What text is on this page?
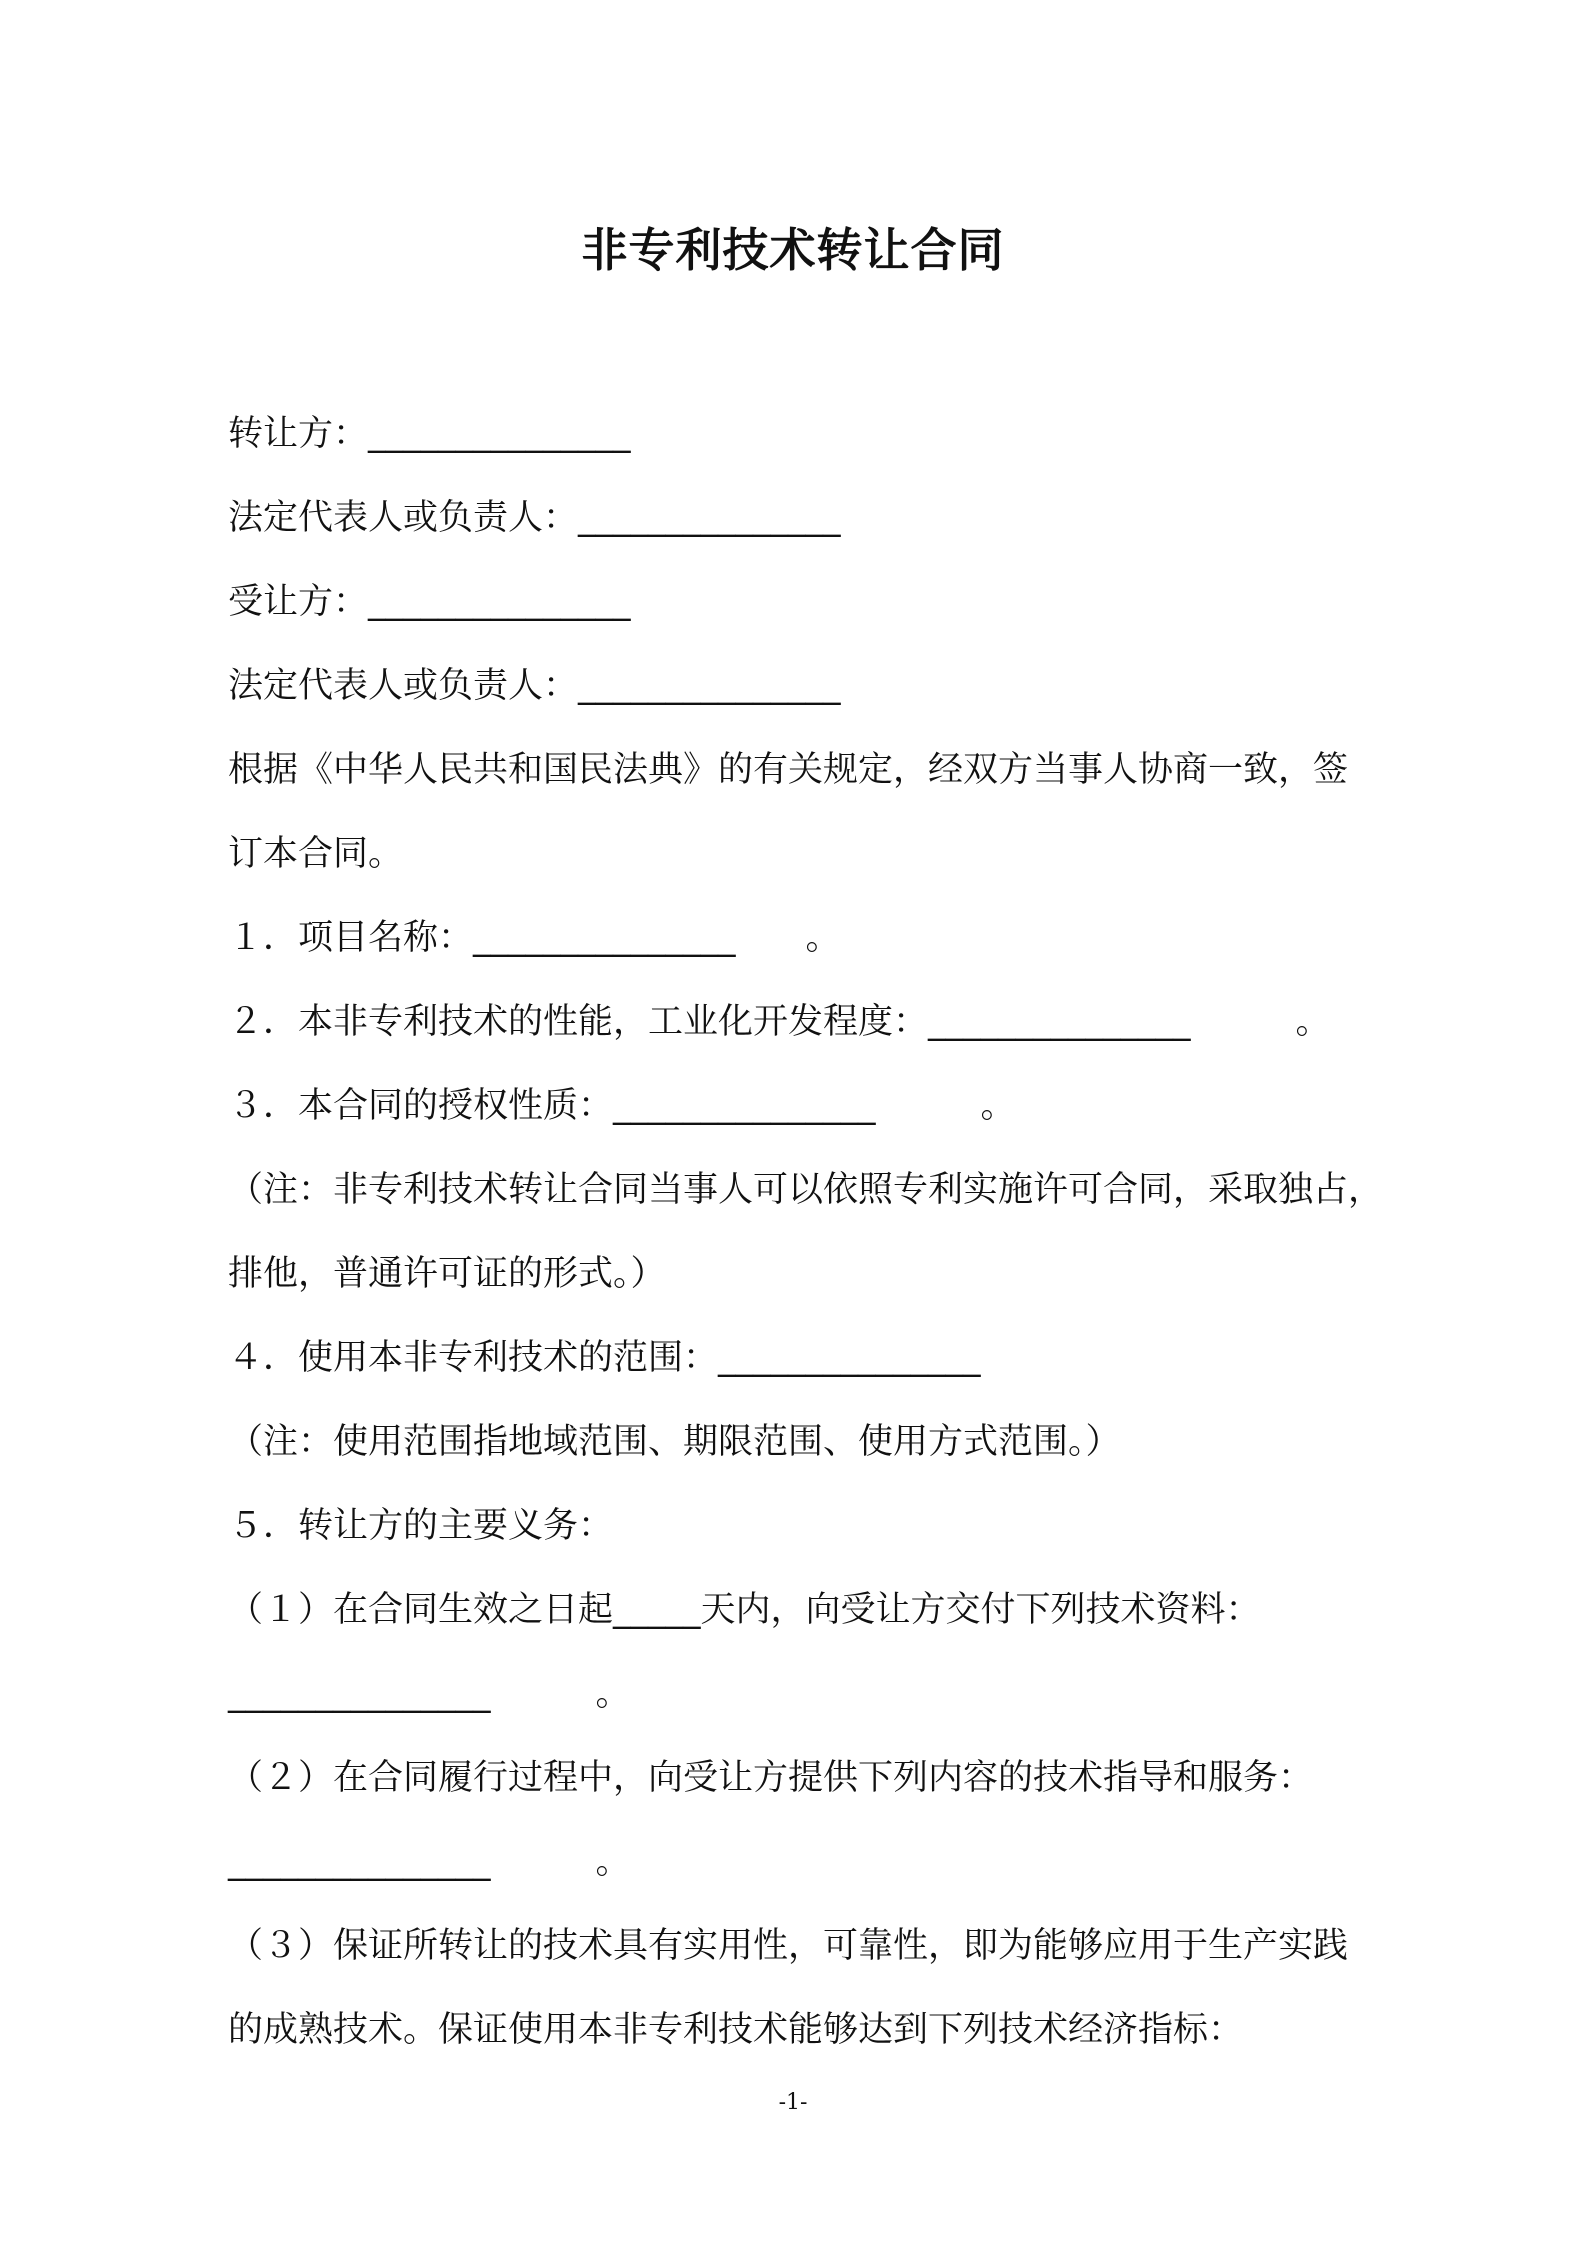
非专利技术转让合同
转让方：_______________
法定代表人或负责人：_______________
受让方：_______________
法定代表人或负责人：_______________
根据《中华人民共和国民法典》的有关规定，经双方当事人协商一致，签
订本合同。
１．项目名称：_______________　　。
２．本非专利技术的性能，工业化开发程度：_______________　　　。
３．本合同的授权性质：_______________　　　。
（注：非专利技术转让合同当事人可以依照专利实施许可合同，采取独占，
排他，普通许可证的形式。）
４．使用本非专利技术的范围：_______________
（注：使用范围指地域范围、期限范围、使用方式范围。）
５．转让方的主要义务：
（１）在合同生效之日起_____天内，向受让方交付下列技术资料：
_______________　　　。
（２）在合同履行过程中，向受让方提供下列内容的技术指导和服务：
_______________　　　。
（３）保证所转让的技术具有实用性，可靠性，即为能够应用于生产实践
的成熟技术。保证使用本非专利技术能够达到下列技术经济指标：
-1-
